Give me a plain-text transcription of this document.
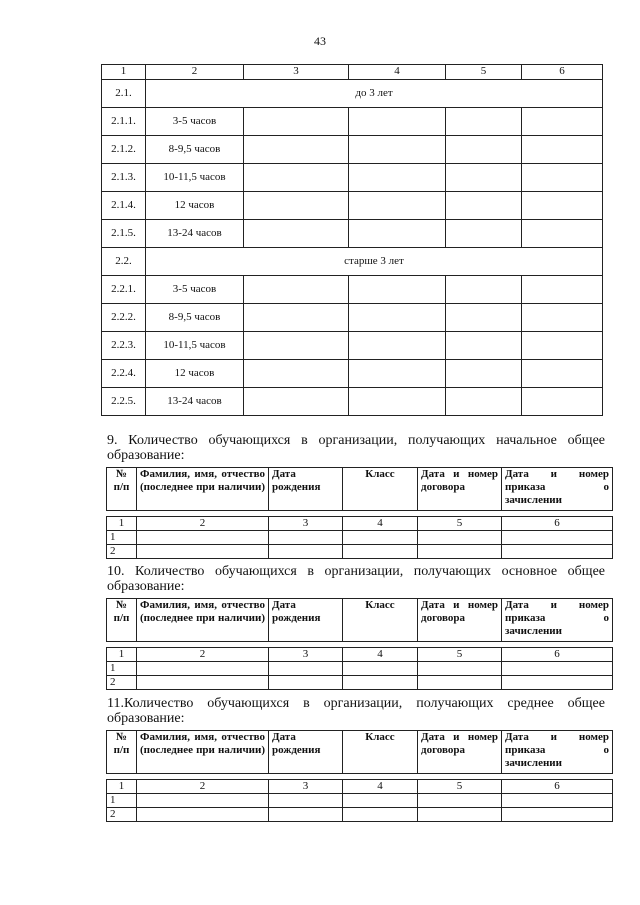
43
1	2	3	4	5	6
2.1.	до 3 лет				
2.1.1.	3-5 часов				
2.1.2.	8-9,5 часов				
2.1.3.	10-11,5 часов				
2.1.4.	12 часов				
2.1.5.	13-24 часов				
2.2.	старше 3 лет				
2.2.1.	3-5 часов				
2.2.2.	8-9,5 часов				
2.2.3.	10-11,5 часов				
2.2.4.	12 часов				
2.2.5.	13-24 часов				
9. Количество обучающихся в организации, получающих начальное общее образование:
№ п/п	Фамилия, имя, отчество (последнее при наличии)	Дата рождения	Класс	Дата и номер договора	Дата и номер приказа о зачислении
1	2	3	4	5	6
1					
2					
10. Количество обучающихся в организации, получающих основное общее образование:
№ п/п	Фамилия, имя, отчество (последнее при наличии)	Дата рождения	Класс	Дата и номер договора	Дата и номер приказа о зачислении
1	2	3	4	5	6
1					
2					
11.Количество обучающихся в организации, получающих среднее общее образование:
№ п/п	Фамилия, имя, отчество (последнее при наличии)	Дата рождения	Класс	Дата и номер договора	Дата и номер приказа о зачислении
1	2	3	4	5	6
1					
2					
